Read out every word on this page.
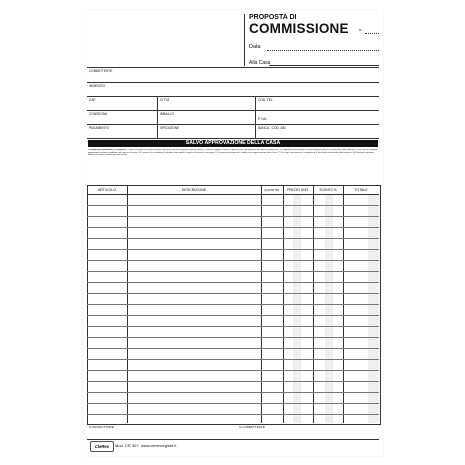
PROPOSTA DI
COMMISSIONE	n.
Data
Alla Casa
COMMITTENTE
INDIRIZZO
CAP	CITTÀ	COD. TEL.
CONSEGNA	IMBALLO
P. IVA
PAGAMENTO	SPEDIZIONE	BANCA - COD. ABI
SALVO APPROVAZIONE DELLA CASA
CONDIZIONI GENERALI DI VENDITA 1) Non si accettano reclami trascorsi otto giorni dal ricevimento di questa merce. 2) Merce viaggia a rischio e pericolo del committente; resi solo se autorizzati. 3) Pagamenti da effettuarsi esclusivamente presso la sede della ditta fornitrice. 4) In caso di ritardato pagamento verranno addebitati gli interessi di mora. 5) I prezzi e le condizioni di vendita sono quelli in vigore alla data di consegna. 6) La presente proposta è valida salvo approvazione della Casa. 7) Per ogni controversia è competente il Foro della sede della ditta fornitrice. 8) Eventuali variazioni dovranno essere comunicate per iscritto.
ARTICOLO	DESCRIZIONE	QUANTITA'	PREZZO UNIT.	SCONTO %	TOTALE
IL PRODUTTORE	IL COMMITTENTE
CleRev	Mod. CR 307 www.clerevregistri.it
